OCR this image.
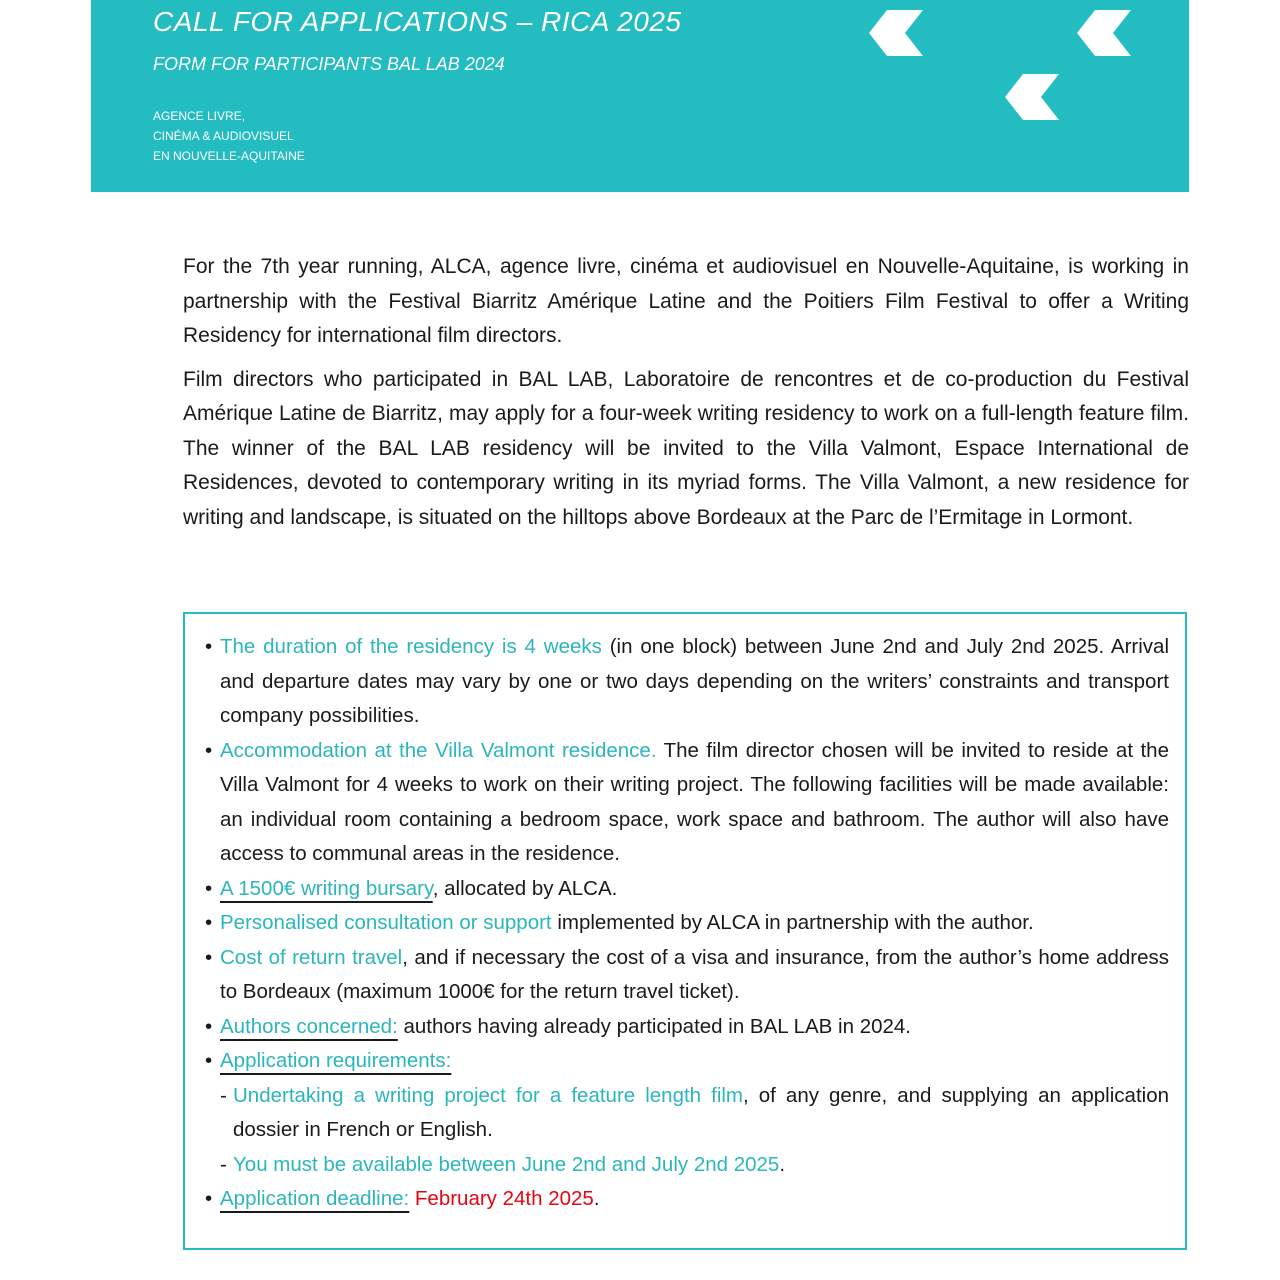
CALL FOR APPLICATIONS – RICA 2025
FORM FOR PARTICIPANTS BAL LAB 2024
AGENCE LIVRE,
CINÉMA & AUDIOVISUEL
EN NOUVELLE-AQUITAINE

For the 7th year running, ALCA, agence livre, cinéma et audiovisuel en Nouvelle-Aquitaine, is working in partnership with the Festival Biarritz Amérique Latine and the Poitiers Film Festival to offer a Writing Residency for international film directors.

Film directors who participated in BAL LAB, Laboratoire de rencontres et de co-production du Festival Amérique Latine de Biarritz, may apply for a four-week writing residency to work on a full-length feature film. The winner of the BAL LAB residency will be invited to the Villa Valmont, Espace International de Residences, devoted to contemporary writing in its myriad forms. The Villa Valmont, a new residence for writing and landscape, is situated on the hilltops above Bordeaux at the Parc de l’Ermitage in Lormont.

• The duration of the residency is 4 weeks (in one block) between June 2nd and July 2nd 2025. Arrival and departure dates may vary by one or two days depending on the writers’ constraints and transport company possibilities.
• Accommodation at the Villa Valmont residence. The film director chosen will be invited to reside at the Villa Valmont for 4 weeks to work on their writing project. The following facilities will be made available: an individual room containing a bedroom space, work space and bathroom. The author will also have access to communal areas in the residence.
• A 1500€ writing bursary, allocated by ALCA.
• Personalised consultation or support implemented by ALCA in partnership with the author.
• Cost of return travel, and if necessary the cost of a visa and insurance, from the author’s home address to Bordeaux (maximum 1000€ for the return travel ticket).
• Authors concerned: authors having already participated in BAL LAB in 2024.
• Application requirements:
- Undertaking a writing project for a feature length film, of any genre, and supplying an application dossier in French or English.
- You must be available between June 2nd and July 2nd 2025.
• Application deadline: February 24th 2025.
